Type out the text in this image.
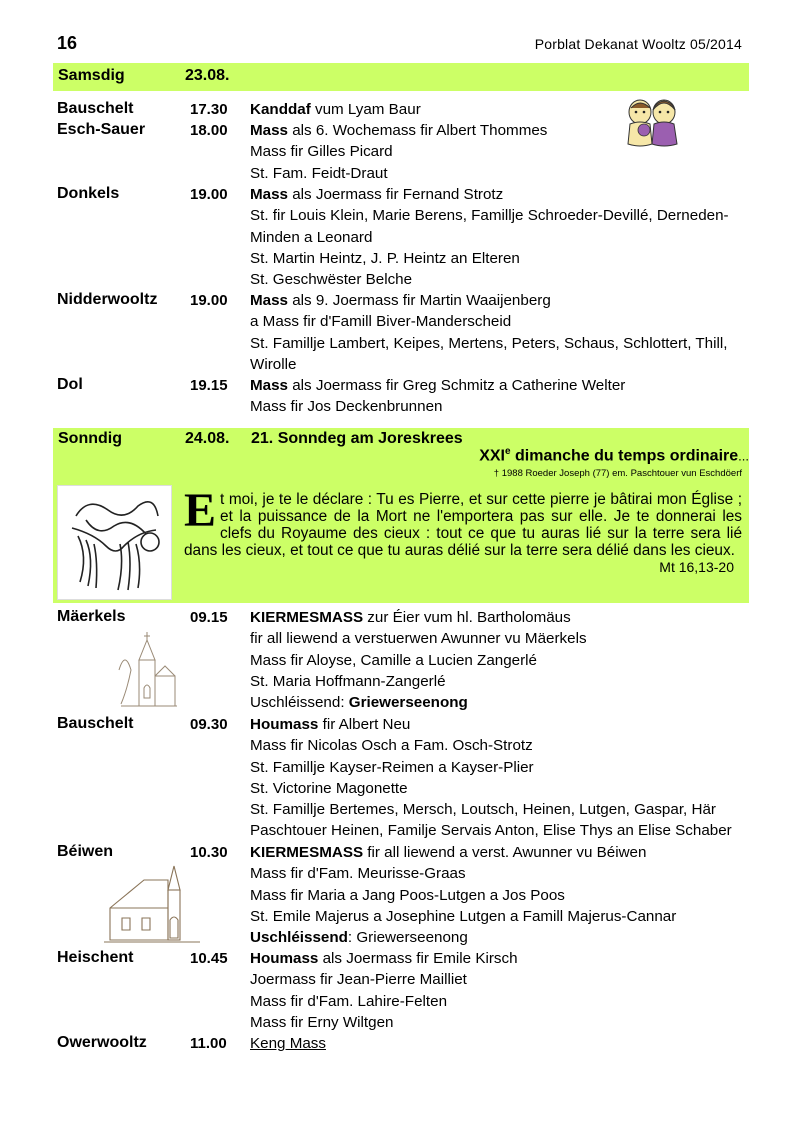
16	Porblat Dekanat Wooltz 05/2014
Samsdig	23.08.
Sonndig	24.08. 21. Sonndeg am Joreskrees
XXIe dimanche du temps ordinaire...
† 1988 Roeder Joseph (77) em. Paschtouer vun Eschdöerf
Et moi, je te le déclare : Tu es Pierre, et sur cette pierre je bâtirai mon Église ; et la puissance de la Mort ne l'emportera pas sur elle. Je te donnerai les clefs du Royaume des cieux : tout ce que tu auras lié sur la terre sera lié dans les cieux, et tout ce que tu auras délié sur la terre sera délié dans les cieux.
Mt 16,13-20
Bauschelt	17.30 Kanddaf vum Lyam Baur
Esch-Sauer	18.00 Mass als 6. Wochemass fir Albert Thommes
Mass fir Gilles Picard
St. Fam. Feidt-Draut
Donkels	19.00 Mass als Joermass fir Fernand Strotz
St. fir Louis Klein, Marie Berens, Famillje Schroeder-Devillé, Derneden-
Minden a Leonard
St. Martin Heintz, J. P. Heintz an Elteren
St. Geschwëster Belche
Nidderwooltz 19.00 Mass als 9. Joermass fir Martin Waaijenberg
a Mass fir d'Famill Biver-Manderscheid
St. Famillje Lambert, Keipes, Mertens, Peters, Schaus, Schlottert, Thill,
Wirolle
Dol	19.15 Mass als Joermass fir Greg Schmitz a Catherine Welter
Mass fir Jos Deckenbrunnen
Mäerkels	09.15 KIERMESMASS zur Éier vum hl. Bartholomäus
fir all liewend a verstuerwen Awunner vu Mäerkels
Mass fir Aloyse, Camille a Lucien Zangerlé
St. Maria Hoffmann-Zangerlé
Uschléissend: Griewerseenong
Bauschelt	09.30 Houmass fir Albert Neu
Mass fir Nicolas Osch a Fam. Osch-Strotz
St. Famillje Kayser-Reimen a Kayser-Plier
St. Victorine Magonette
St. Famillje Bertemes, Mersch, Loutsch, Heinen, Lutgen, Gaspar, Här
Paschtouer Heinen, Familje Servais Anton, Elise Thys an Elise Schaber
Béiwen	10.30 KIERMESMASS fir all liewend a verst. Awunner vu Béiwen
Mass fir d'Fam. Meurisse-Graas
Mass fir Maria a Jang Poos-Lutgen a Jos Poos
St. Emile Majerus a Josephine Lutgen a Famill Majerus-Cannar
Uschléissend: Griewerseenong
Heischent	10.45 Houmass als Joermass fir Emile Kirsch
Joermass fir Jean-Pierre Mailliet
Mass fir d'Fam. Lahire-Felten
Mass fir Erny Wiltgen
Owerwooltz	11.00 Keng Mass
